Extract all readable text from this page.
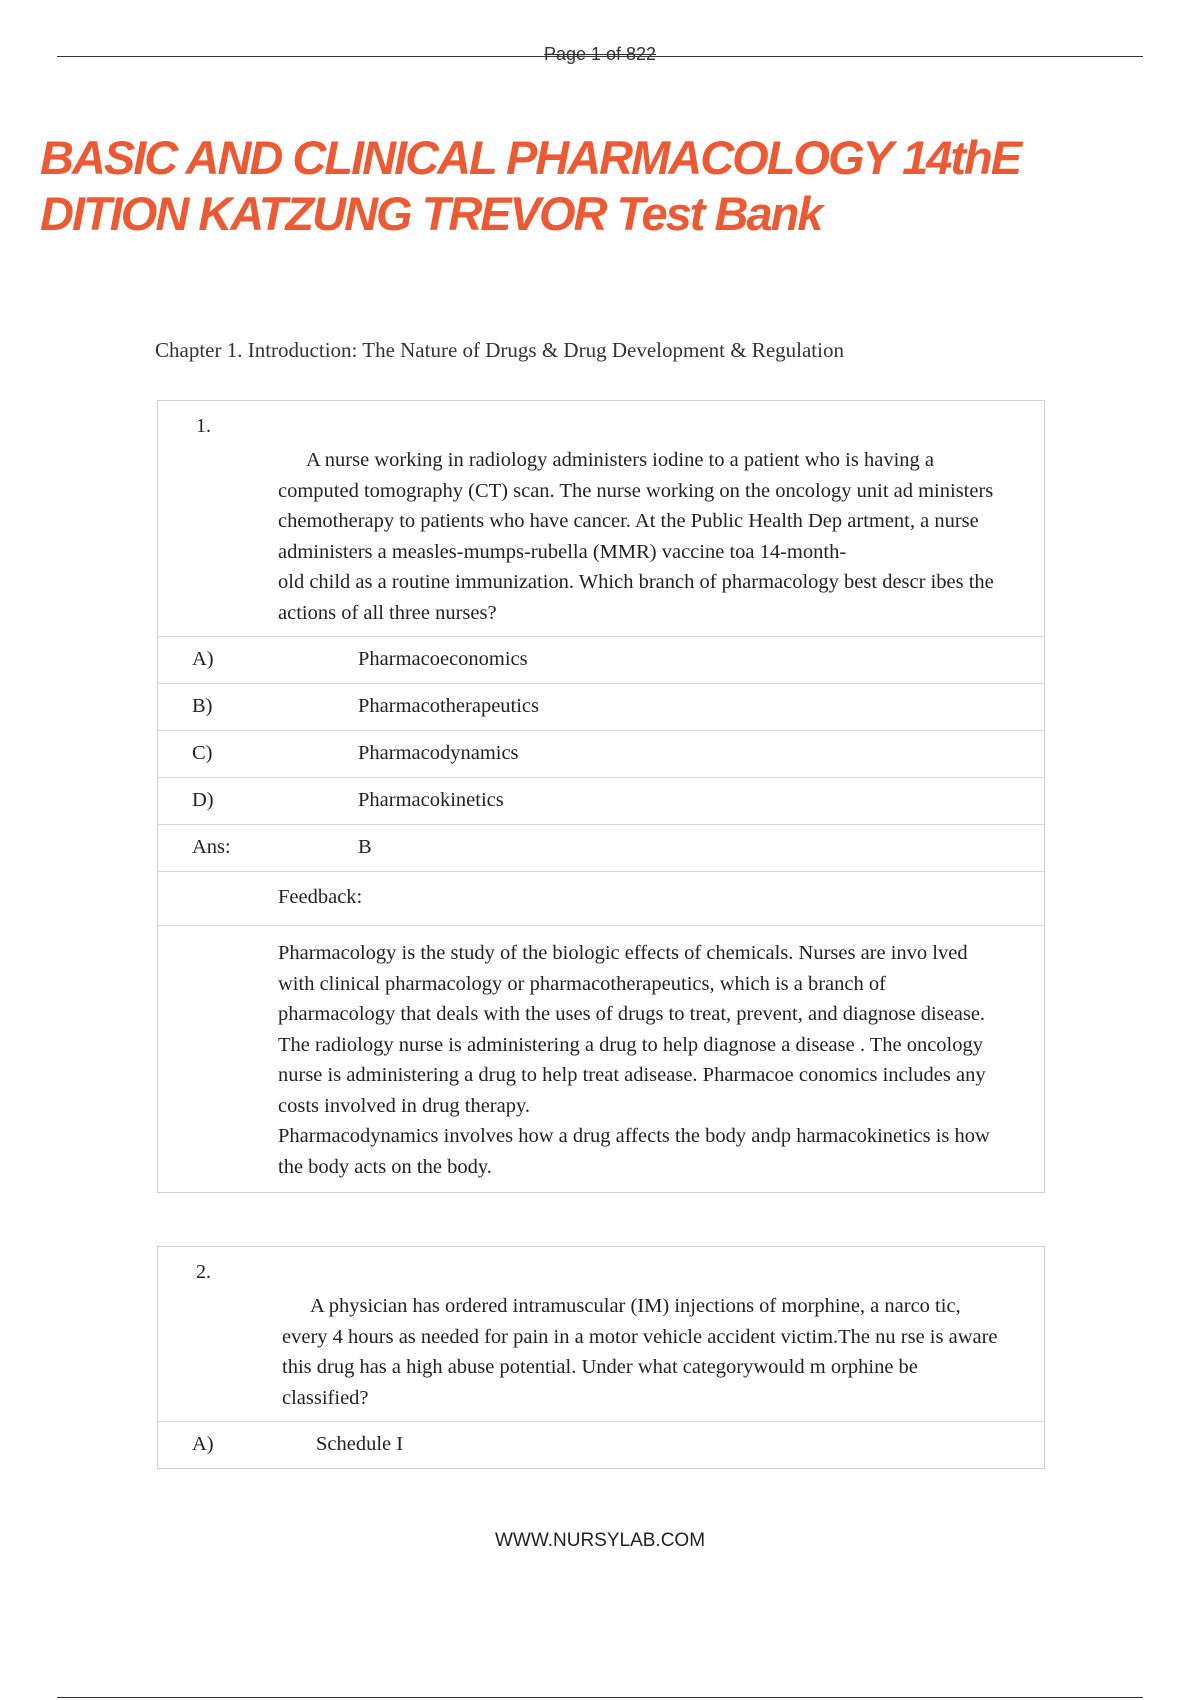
Page 1 of 822
BASIC AND CLINICAL PHARMACOLOGY 14thE DITION KATZUNG TREVOR Test Bank
Chapter 1. Introduction: The Nature of Drugs & Drug Development & Regulation
1.

A nurse working in radiology administers iodine to a patient who is having a computed tomography (CT) scan. The nurse working on the oncology unit ad ministers chemotherapy to patients who have cancer. At the Public Health Dep artment, a nurse administers a measles-mumps-rubella (MMR) vaccine toa 14-month-

old child as a routine immunization. Which branch of pharmacology best descr ibes the actions of all three nurses?

A)	Pharmacoeconomics
B)	Pharmacotherapeutics
C)	Pharmacodynamics
D)	Pharmacokinetics
Ans:	B
Feedback:
Pharmacology is the study of the biologic effects of chemicals. Nurses are invo lved with clinical pharmacology or pharmacotherapeutics, which is a branch of pharmacology that deals with the uses of drugs to treat, prevent, and diagnose disease. The radiology nurse is administering a drug to help diagnose a disease . The oncology nurse is administering a drug to help treat adisease. Pharmacoe conomics includes any costs involved in drug therapy.
Pharmacodynamics involves how a drug affects the body andp harmacokinetics is how the body acts on the body.
2.

A physician has ordered intramuscular (IM) injections of morphine, a narco tic, every 4 hours as needed for pain in a motor vehicle accident victim.The nu rse is aware this drug has a high abuse potential. Under what categorywould m orphine be classified?

A)	Schedule I
WWW.NURSYLAB.COM
